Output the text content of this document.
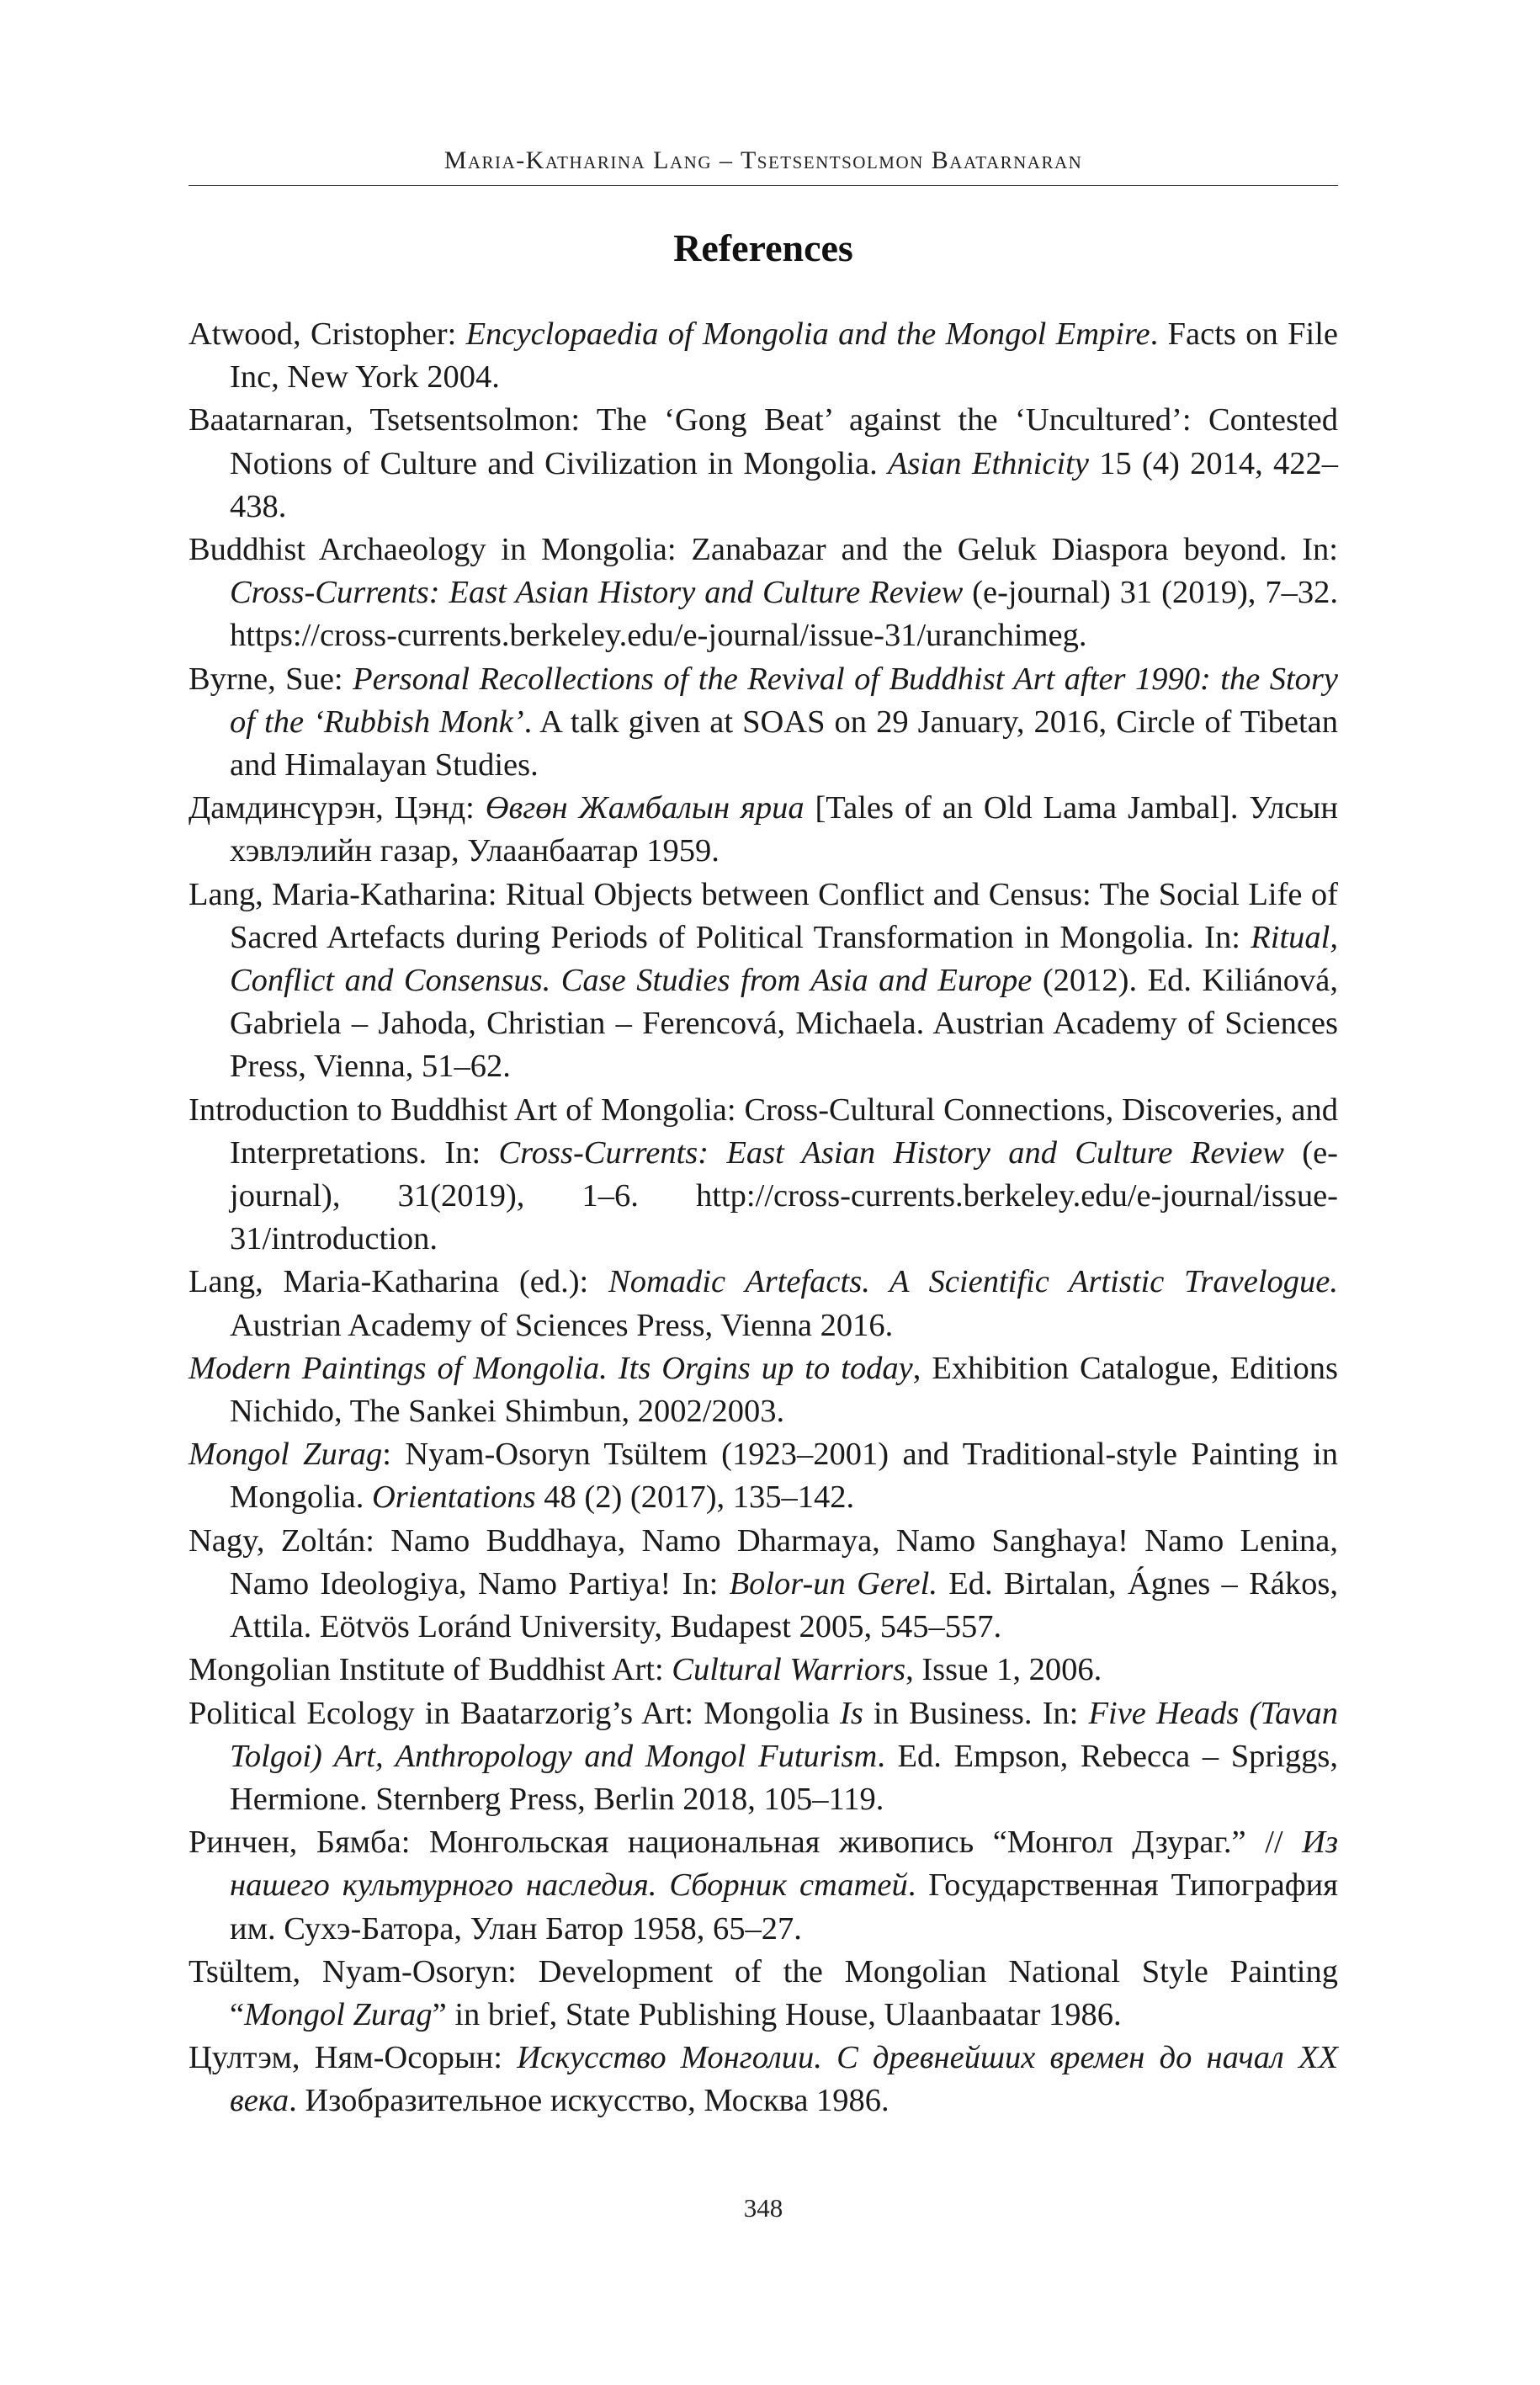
Maria-Katharina Lang – Tsetsentsolmon Baatarnaran
References
Atwood, Cristopher: Encyclopaedia of Mongolia and the Mongol Empire. Facts on File Inc, New York 2004.
Baatarnaran, Tsetsentsolmon: The ‘Gong Beat’ against the ‘Uncultured’: Contested Notions of Culture and Civilization in Mongolia. Asian Ethnicity 15 (4) 2014, 422–438.
Buddhist Archaeology in Mongolia: Zanabazar and the Geluk Diaspora beyond. In: Cross-Currents: East Asian History and Culture Review (e-journal) 31 (2019), 7–32. https://cross-currents.berkeley.edu/e-journal/issue-31/uranchimeg.
Byrne, Sue: Personal Recollections of the Revival of Buddhist Art after 1990: the Story of the ‘Rubbish Monk’. A talk given at SOAS on 29 January, 2016, Circle of Tibetan and Himalayan Studies.
Дамдинсүрэн, Цэнд: Өвгөн Жамбалын яриа [Tales of an Old Lama Jambal]. Улсын хэвлэлийн газар, Улаанбаатар 1959.
Lang, Maria-Katharina: Ritual Objects between Conflict and Census: The Social Life of Sacred Artefacts during Periods of Political Transformation in Mongolia. In: Ritual, Conflict and Consensus. Case Studies from Asia and Europe (2012). Ed. Kiliánová, Gabriela – Jahoda, Christian – Ferencová, Michaela. Austrian Academy of Sciences Press, Vienna, 51–62.
Introduction to Buddhist Art of Mongolia: Cross-Cultural Connections, Discoveries, and Interpretations. In: Cross-Currents: East Asian History and Culture Review (e-journal), 31(2019), 1–6. http://cross-currents.berkeley.edu/e-journal/issue-31/introduction.
Lang, Maria-Katharina (ed.): Nomadic Artefacts. A Scientific Artistic Travelogue. Austrian Academy of Sciences Press, Vienna 2016.
Modern Paintings of Mongolia. Its Orgins up to today, Exhibition Catalogue, Editions Nichido, The Sankei Shimbun, 2002/2003.
Mongol Zurag: Nyam-Osoryn Tsültem (1923–2001) and Traditional-style Painting in Mongolia. Orientations 48 (2) (2017), 135–142.
Nagy, Zoltán: Namo Buddhaya, Namo Dharmaya, Namo Sanghaya! Namo Lenina, Namo Ideologiya, Namo Partiya! In: Bolor-un Gerel. Ed. Birtalan, Ágnes – Rákos, Attila. Eötvös Loránd University, Budapest 2005, 545–557.
Mongolian Institute of Buddhist Art: Cultural Warriors, Issue 1, 2006.
Political Ecology in Baatarzorig’s Art: Mongolia Is in Business. In: Five Heads (Tavan Tolgoi) Art, Anthropology and Mongol Futurism. Ed. Empson, Rebecca – Spriggs, Hermione. Sternberg Press, Berlin 2018, 105–119.
Ринчен, Бямба: Монгольская национальная живопись “Монгол Дзураг.” // Из нашего культурного наследия. Сборник статей. Государственная Типография им. Сухэ-Батора, Улан Батор 1958, 65–27.
Tsültem, Nyam-Osoryn: Development of the Mongolian National Style Painting “Mongol Zurag” in brief, State Publishing House, Ulaanbaatar 1986.
Цултэм, Ням-Осорын: Искусство Монголии. С древнейших времен до начал XX века. Изобразительное искусство, Москва 1986.
348
